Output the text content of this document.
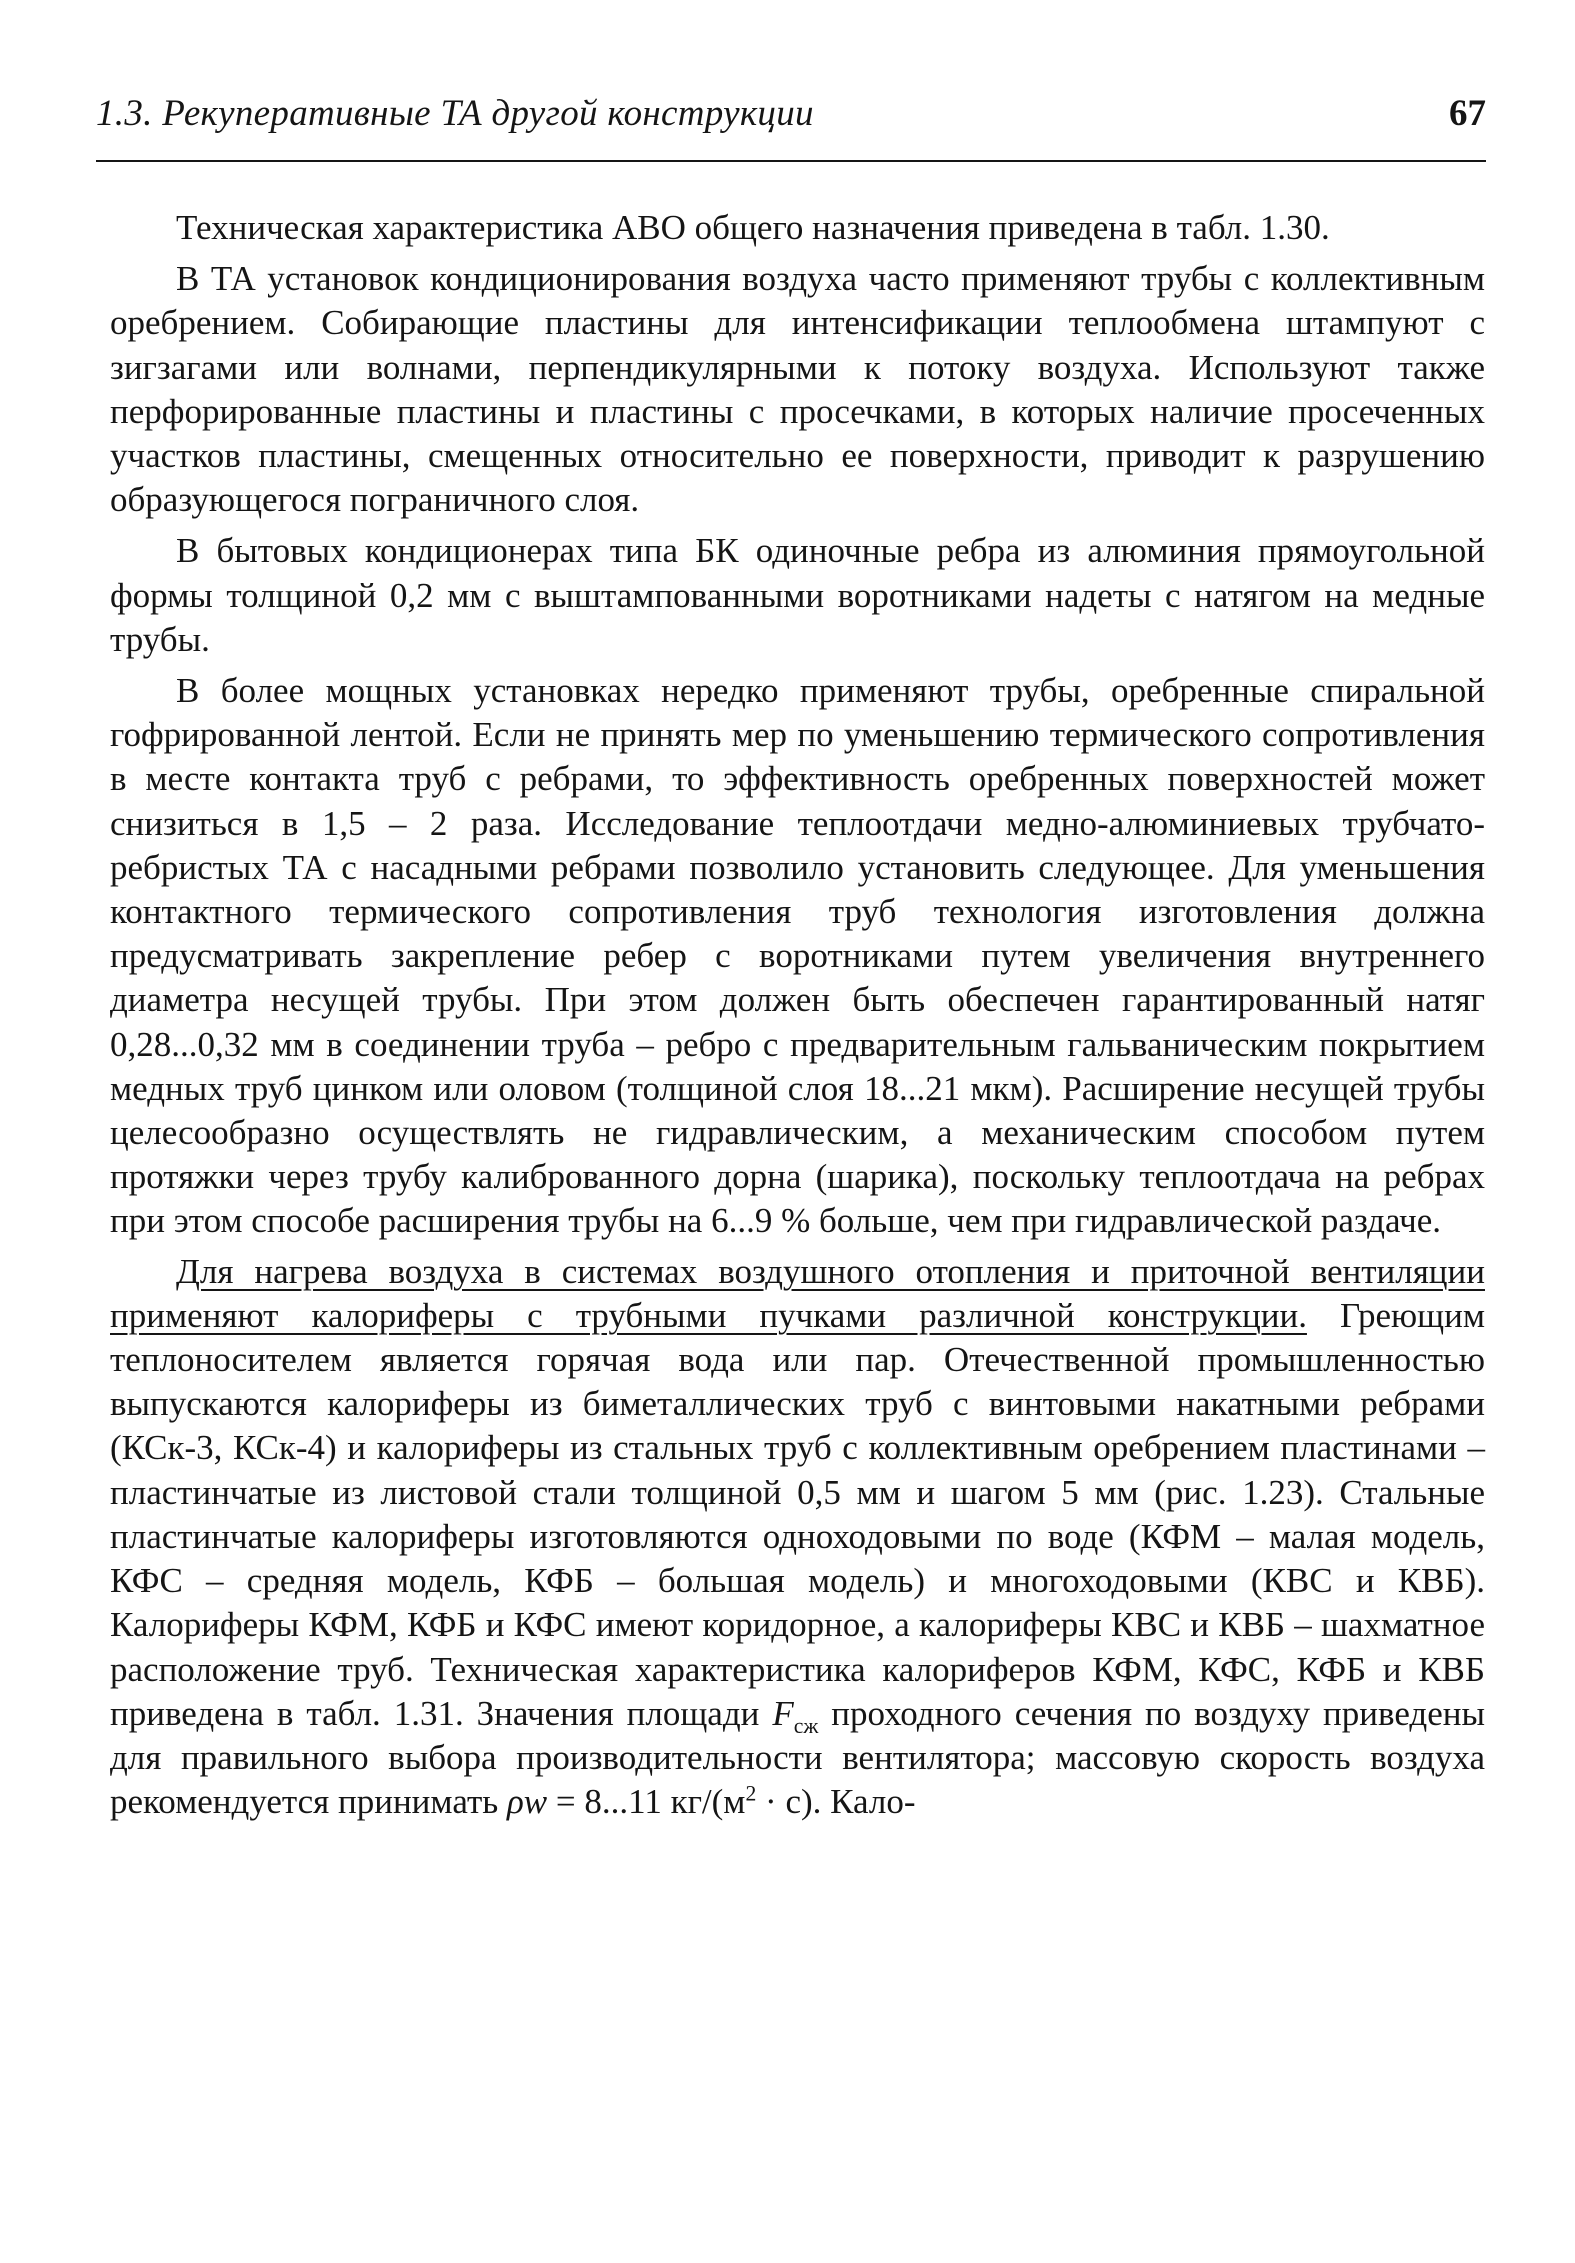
1.3. Рекуперативные ТА другой конструкции	67

Техническая характеристика АВО общего назначения приведена в табл. 1.30.

В ТА установок кондиционирования воздуха часто применяют трубы с коллективным оребрением. Собирающие пластины для интенсификации теплообмена штампуют с зигзагами или волнами, перпендикулярными к потоку воздуха. Используют также перфорированные пластины и пластины с просечками, в которых наличие просеченных участков пластины, смещенных относительно ее поверхности, приводит к разрушению образующегося пограничного слоя.

В бытовых кондиционерах типа БК одиночные ребра из алюминия прямоугольной формы толщиной 0,2 мм с выштампованными воротниками надеты с натягом на медные трубы.

В более мощных установках нередко применяют трубы, оребренные спиральной гофрированной лентой. Если не принять мер по уменьшению термического сопротивления в месте контакта труб с ребрами, то эффективность оребренных поверхностей может снизиться в 1,5 – 2 раза. Исследование теплоотдачи медно-алюминиевых трубчато-ребристых ТА с насадными ребрами позволило установить следующее. Для уменьшения контактного термического сопротивления труб технология изготовления должна предусматривать закрепление ребер с воротниками путем увеличения внутреннего диаметра несущей трубы. При этом должен быть обеспечен гарантированный натяг 0,28...0,32 мм в соединении труба – ребро с предварительным гальваническим покрытием медных труб цинком или оловом (толщиной слоя 18...21 мкм). Расширение несущей трубы целесообразно осуществлять не гидравлическим, а механическим способом путем протяжки через трубу калиброванного дорна (шарика), поскольку теплоотдача на ребрах при этом способе расширения трубы на 6...9 % больше, чем при гидравлической раздаче.

Для нагрева воздуха в системах воздушного отопления и приточной вентиляции применяют калориферы с трубными пучками различной конструкции. Греющим теплоносителем является горячая вода или пар. Отечественной промышленностью выпускаются калориферы из биметаллических труб с винтовыми накатными ребрами (КСк-3, КСк-4) и калориферы из стальных труб с коллективным оребрением пластинами – пластинчатые из листовой стали толщиной 0,5 мм и шагом 5 мм (рис. 1.23). Стальные пластинчатые калориферы изготовляются одноходовыми по воде (КФМ – малая модель, КФС – средняя модель, КФБ – большая модель) и многоходовыми (КВС и КВБ). Калориферы КФМ, КФБ и КФС имеют коридорное, а калориферы КВС и КВБ – шахматное расположение труб. Техническая характеристика калориферов КФМ, КФС, КФБ и КВБ приведена в табл. 1.31. Значения площади $F_{сж}$ проходного сечения по воздуху приведены для правильного выбора производительности вентилятора; массовую скорость воздуха рекомендуется принимать ρw = 8...11 $кг/(м^2 \cdot с)$. Кало-
